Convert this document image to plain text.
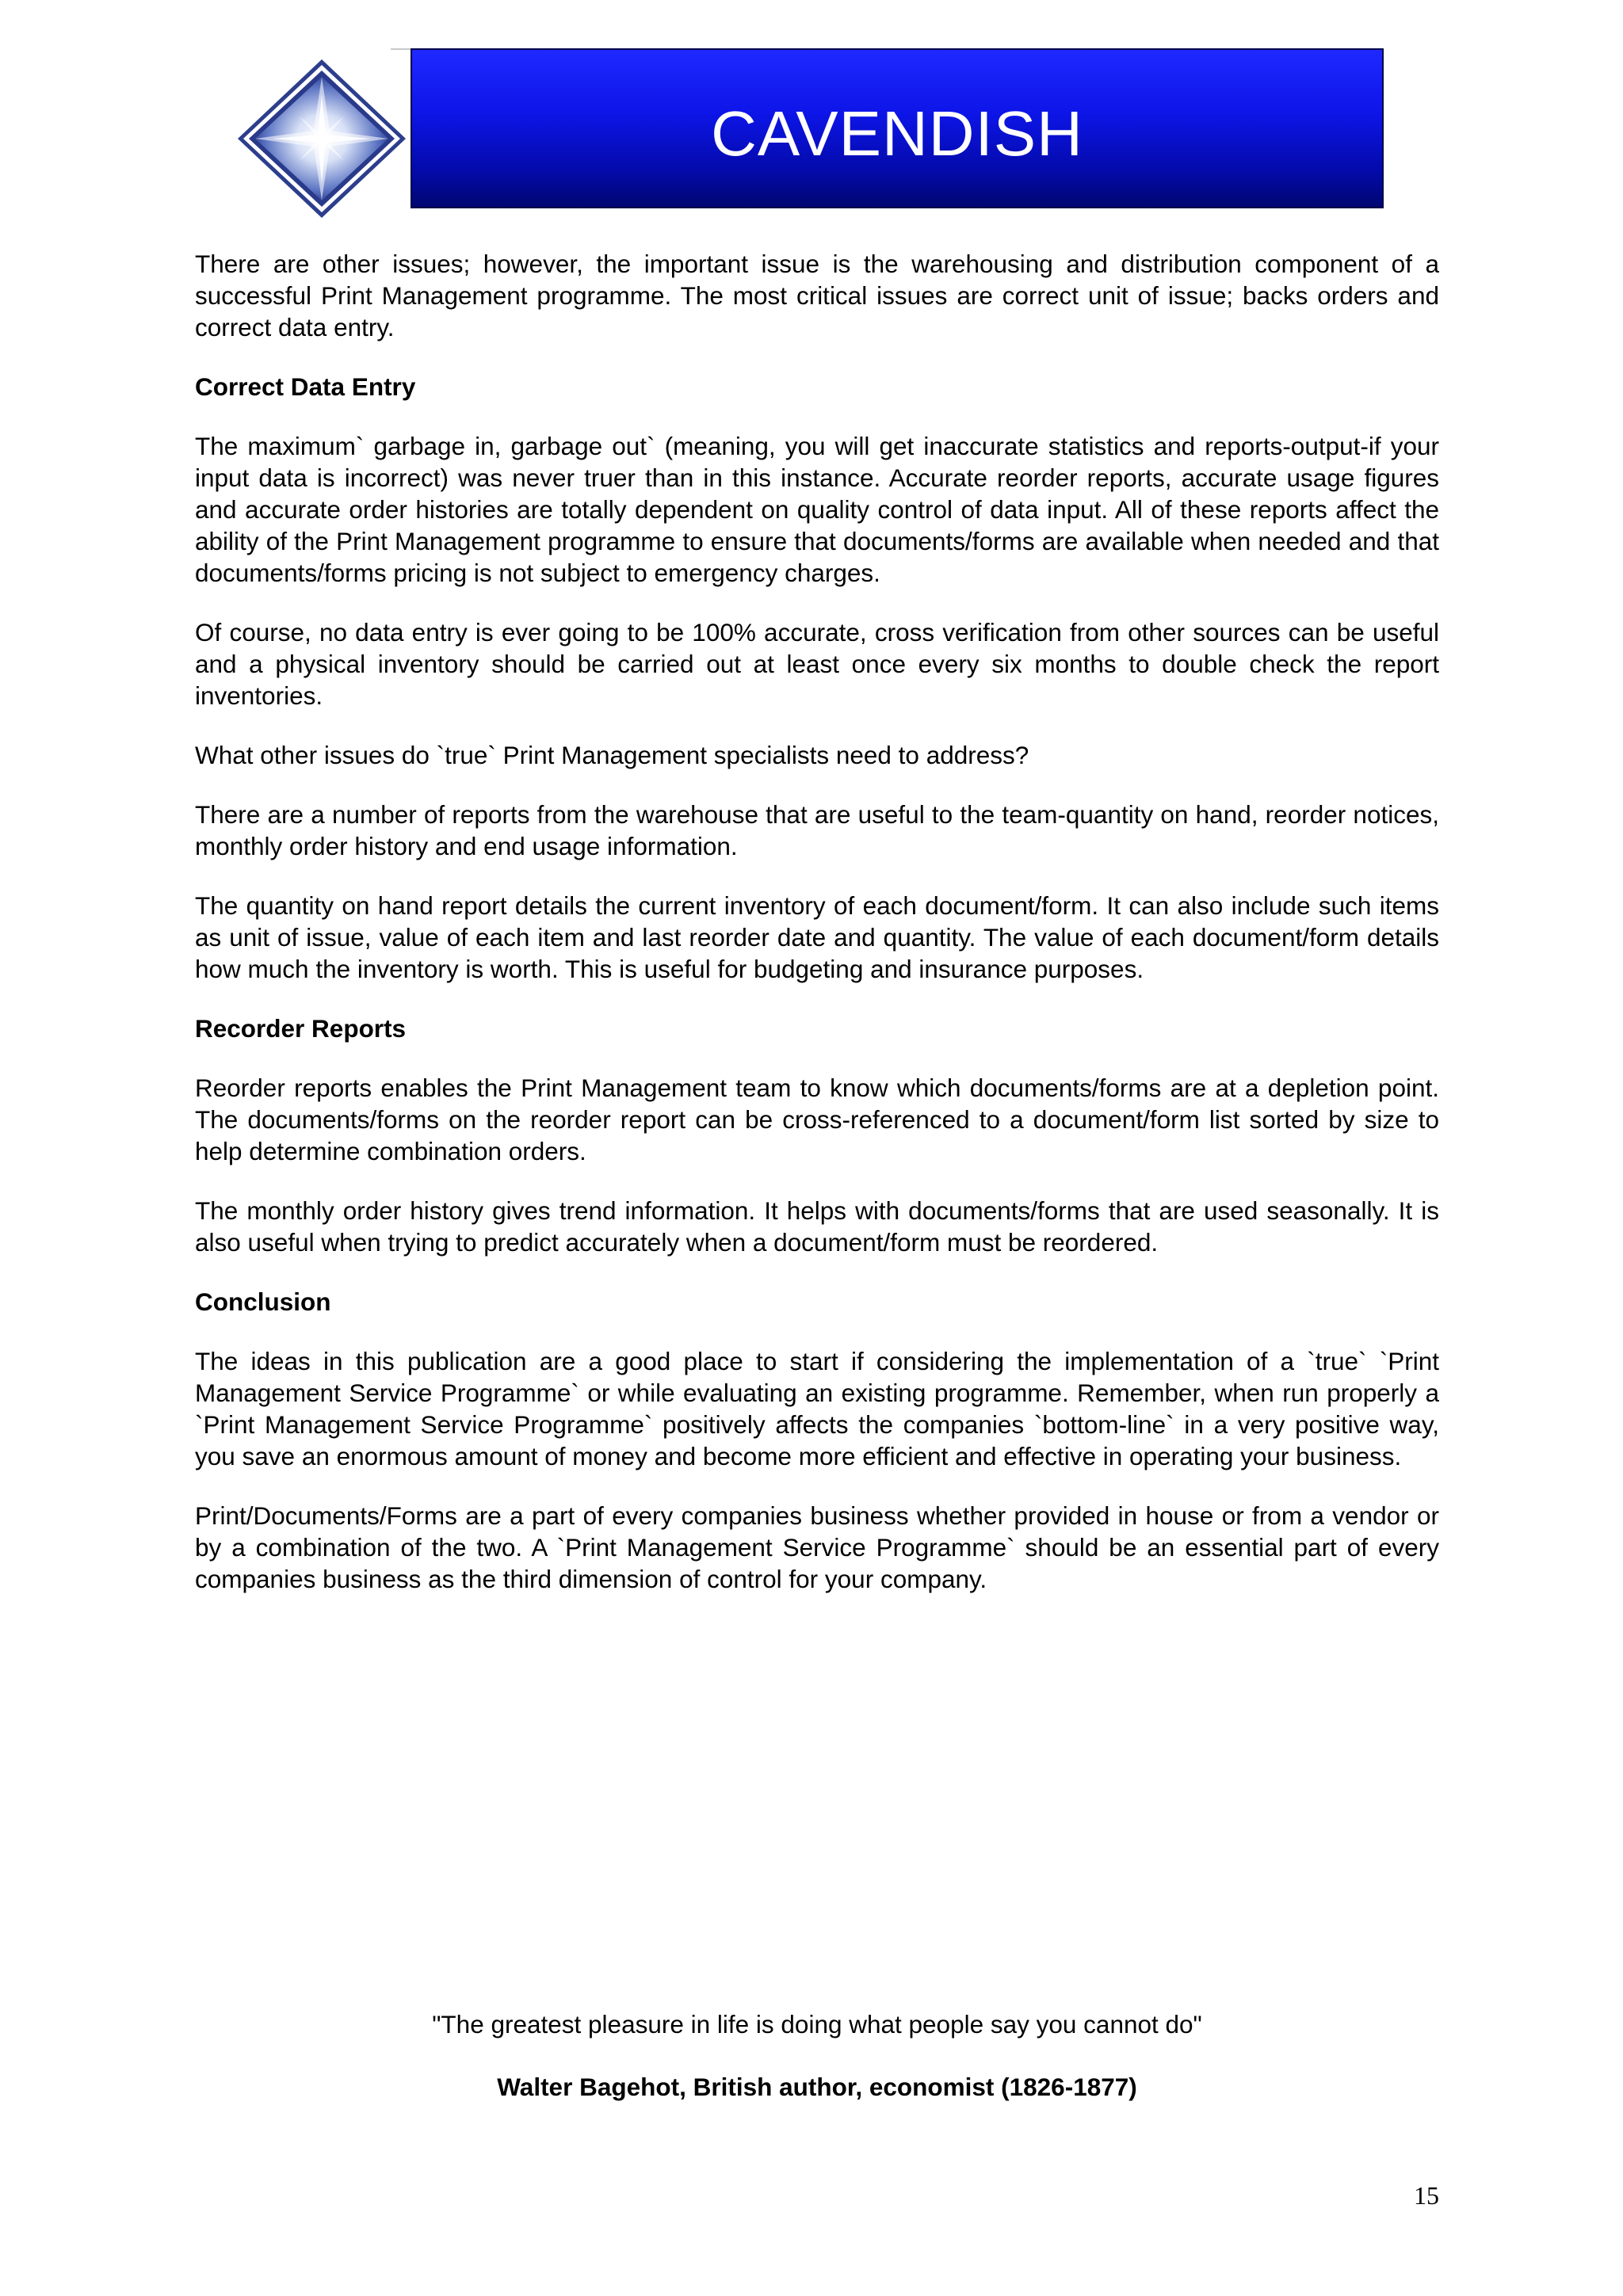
CAVENDISH

There are other issues; however, the important issue is the warehousing and distribution component of a successful Print Management programme. The most critical issues are correct unit of issue; backs orders and correct data entry.

Correct Data Entry

The maximum` garbage in, garbage out` (meaning, you will get inaccurate statistics and reports-output-if your input data is incorrect) was never truer than in this instance. Accurate reorder reports, accurate usage figures and accurate order histories are totally dependent on quality control of data input. All of these reports affect the ability of the Print Management programme to ensure that documents/forms are available when needed and that documents/forms pricing is not subject to emergency charges.

Of course, no data entry is ever going to be 100% accurate, cross verification from other sources can be useful and a physical inventory should be carried out at least once every six months to double check the report inventories.

What other issues do `true` Print Management specialists need to address?

There are a number of reports from the warehouse that are useful to the team-quantity on hand, reorder notices, monthly order history and end usage information.

The quantity on hand report details the current inventory of each document/form. It can also include such items as unit of issue, value of each item and last reorder date and quantity. The value of each document/form details how much the inventory is worth. This is useful for budgeting and insurance purposes.

Recorder Reports

Reorder reports enables the Print Management team to know which documents/forms are at a depletion point. The documents/forms on the reorder report can be cross-referenced to a document/form list sorted by size to help determine combination orders.

The monthly order history gives trend information. It helps with documents/forms that are used seasonally. It is also useful when trying to predict accurately when a document/form must be reordered.

Conclusion

The ideas in this publication are a good place to start if considering the implementation of a `true` `Print Management Service Programme` or while evaluating an existing programme. Remember, when run properly a `Print Management Service Programme` positively affects the companies `bottom-line` in a very positive way, you save an enormous amount of money and become more efficient and effective in operating your business.

Print/Documents/Forms are a part of every companies business whether provided in house or from a vendor or by a combination of the two. A `Print Management Service Programme` should be an essential part of every companies business as the third dimension of control for your company.

"The greatest pleasure in life is doing what people say you cannot do"
Walter Bagehot, British author, economist (1826-1877)
15
